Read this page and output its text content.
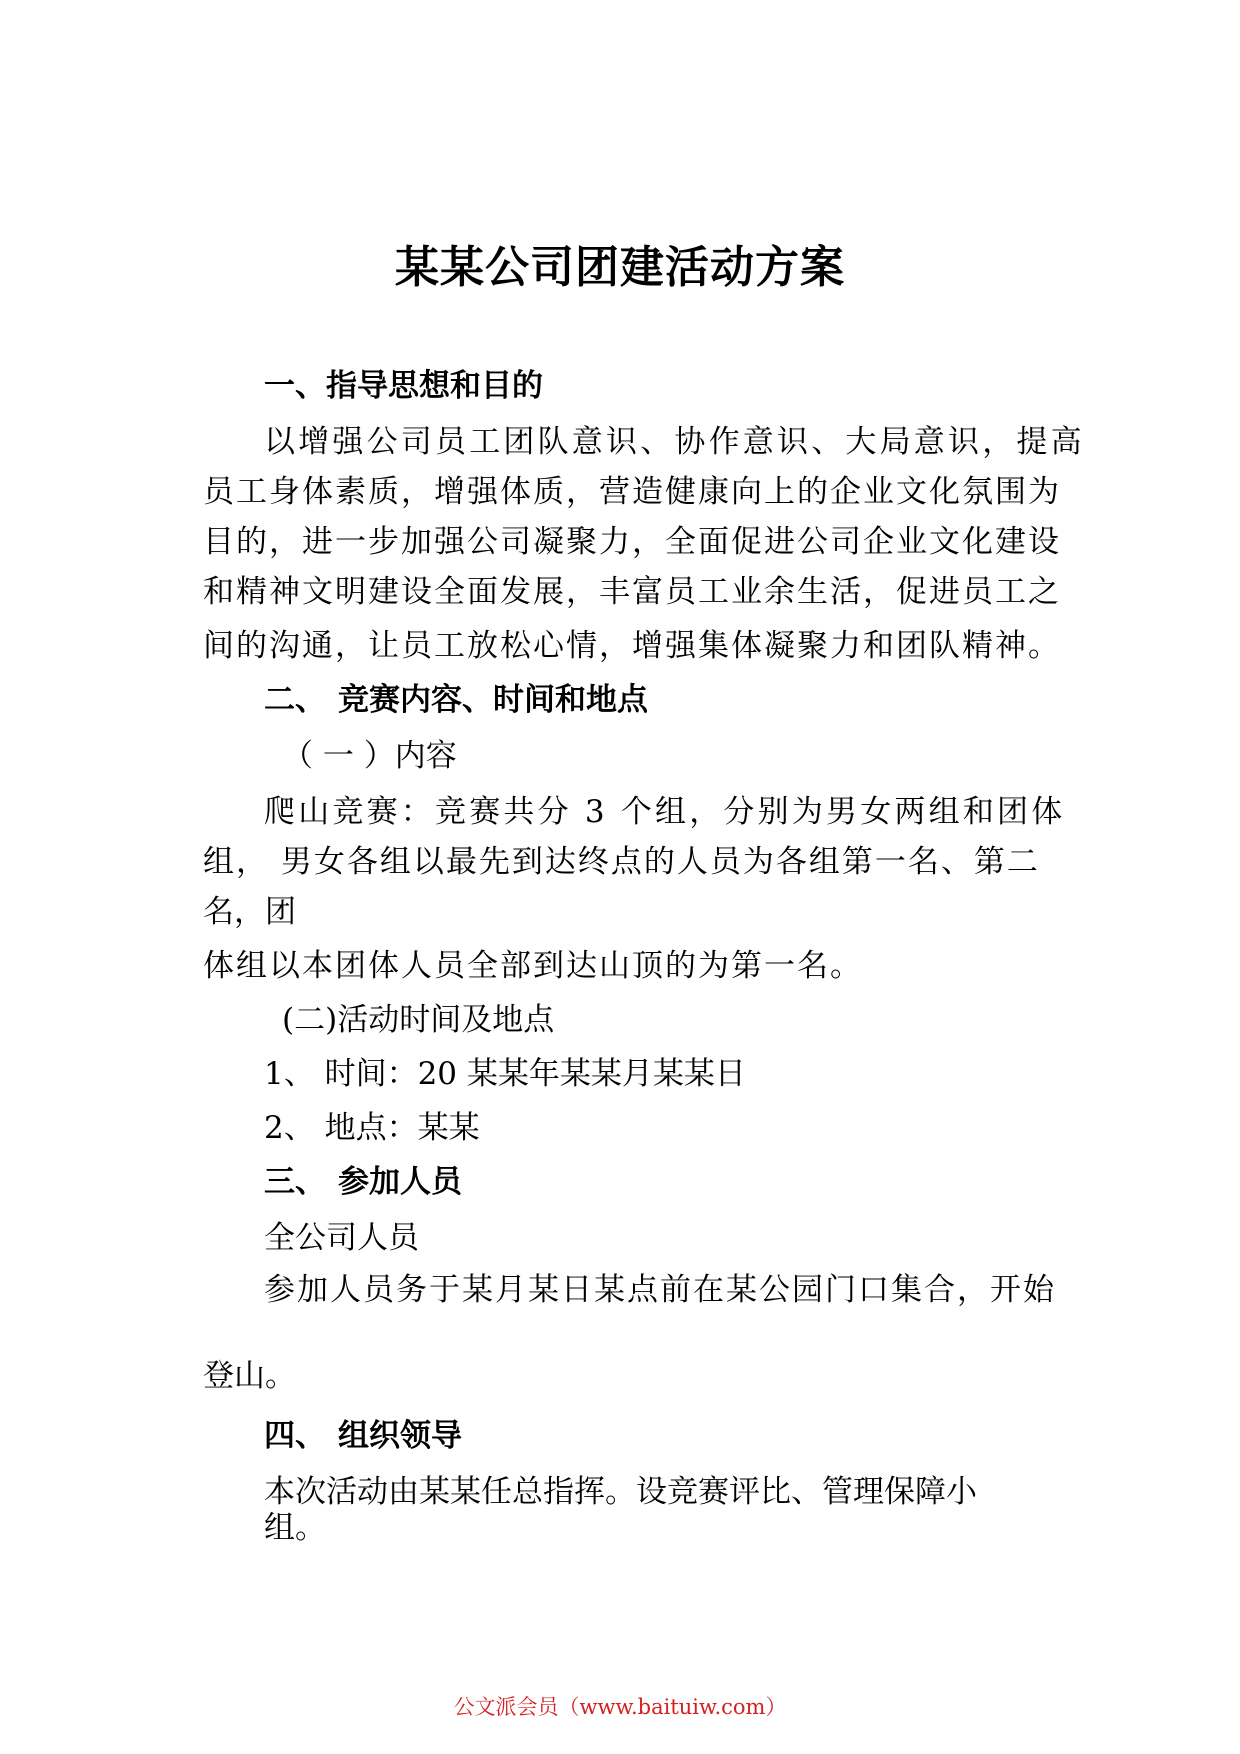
某某公司团建活动方案
一、指导思想和目的
以增强公司员工团队意识、协作意识、大局意识，提高
员工身体素质，增强体质，营造健康向上的企业文化氛围为
目的，进一步加强公司凝聚力，全面促进公司企业文化建设
和精神文明建设全面发展，丰富员工业余生活，促进员工之
间的沟通，让员工放松心情，增强集体凝聚力和团队精神。
二、 竞赛内容、时间和地点
（ 一 ）内容
爬山竞赛：竞赛共分 3 个组，分别为男女两组和团体
组， 男女各组以最先到达终点的人员为各组第一名、第二
名，团
体组以本团体人员全部到达山顶的为第一名。
(二)活动时间及地点
1、 时间：20 某某年某某月某某日
2、 地点：某某
三、 参加人员
全公司人员
参加人员务于某月某日某点前在某公园门口集合，开始
登山。
四、 组织领导
本次活动由某某任总指挥。设竞赛评比、管理保障小
组。
公文派会员（www.baituiw.com）
